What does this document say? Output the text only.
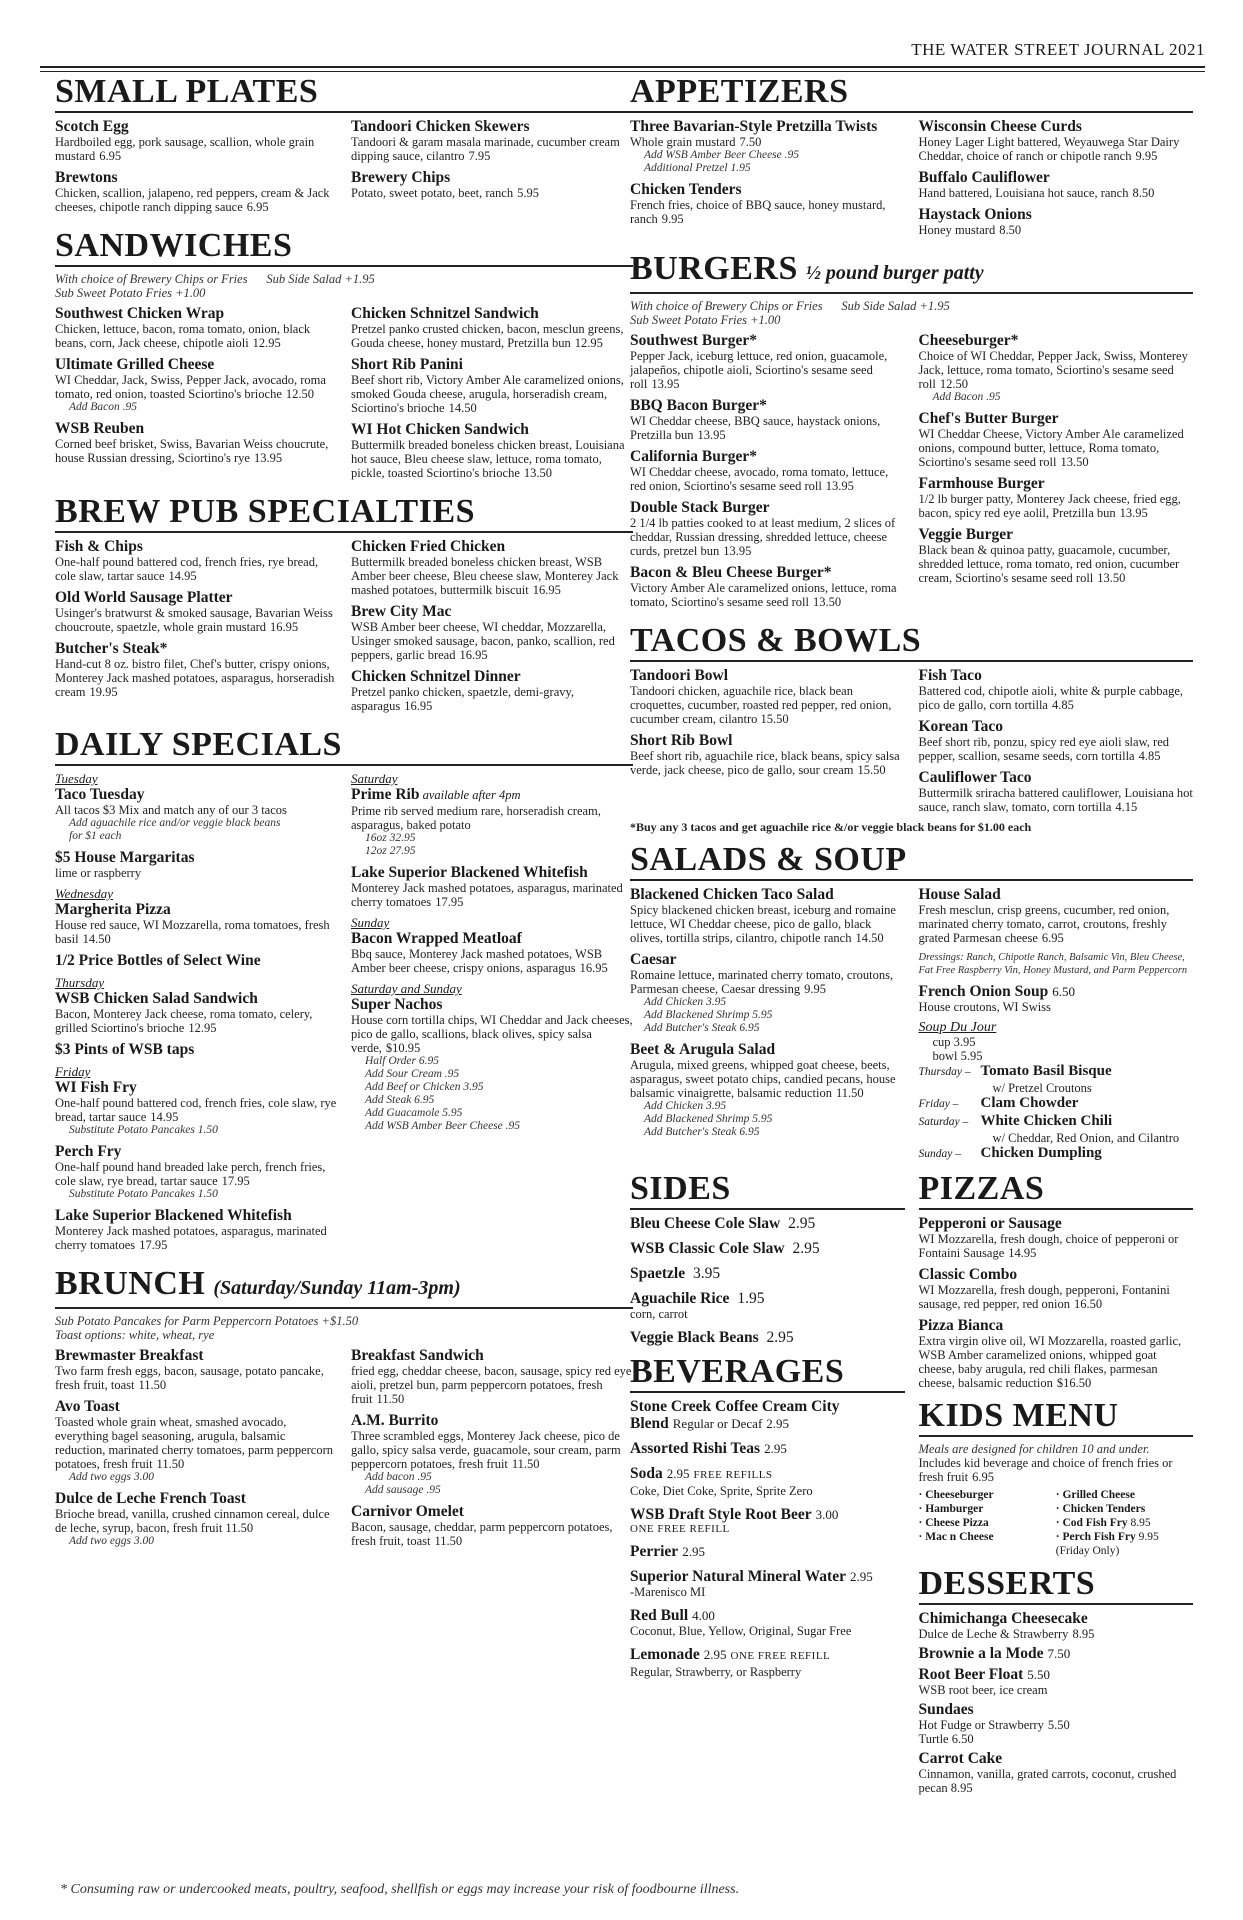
THE WATER STREET JOURNAL 2021
SMALL PLATES
Scotch Egg
Hardboiled egg, pork sausage, scallion, whole grain mustard 6.95
Brewtons
Chicken, scallion, jalapeno, red peppers, cream & Jack cheeses, chipotle ranch dipping sauce 6.95
Tandoori Chicken Skewers
Tandoori & garam masala marinade, cucumber cream dipping sauce, cilantro 7.95
Brewery Chips
Potato, sweet potato, beet, ranch 5.95
SANDWICHES
With choice of Brewery Chips or Fries Sub Side Salad +1.95
Sub Sweet Potato Fries +1.00
Southwest Chicken Wrap
Chicken, lettuce, bacon, roma tomato, onion, black beans, corn, Jack cheese, chipotle aioli 12.95
Ultimate Grilled Cheese
WI Cheddar, Jack, Swiss, Pepper Jack, avocado, roma tomato, red onion, toasted Sciortino's brioche 12.50
Add Bacon .95
WSB Reuben
Corned beef brisket, Swiss, Bavarian Weiss choucrute, house Russian dressing, Sciortino's rye 13.95
Chicken Schnitzel Sandwich
Pretzel panko crusted chicken, bacon, mesclun greens, Gouda cheese, honey mustard, Pretzilla bun 12.95
Short Rib Panini
Beef short rib, Victory Amber Ale caramelized onions, smoked Gouda cheese, arugula, horseradish cream, Sciortino's brioche 14.50
WI Hot Chicken Sandwich
Buttermilk breaded boneless chicken breast, Louisiana hot sauce, Bleu cheese slaw, lettuce, roma tomato, pickle, toasted Sciortino's brioche 13.50
BREW PUB SPECIALTIES
Fish & Chips
One-half pound battered cod, french fries, rye bread, cole slaw, tartar sauce 14.95
Old World Sausage Platter
Usinger's bratwurst & smoked sausage, Bavarian Weiss choucroute, spaetzle, whole grain mustard 16.95
Butcher's Steak*
Hand-cut 8 oz. bistro filet, Chef's butter, crispy onions, Monterey Jack mashed potatoes, asparagus, horseradish cream 19.95
Chicken Fried Chicken
Buttermilk breaded boneless chicken breast, WSB Amber beer cheese, Bleu cheese slaw, Monterey Jack mashed potatoes, buttermilk biscuit 16.95
Brew City Mac
WSB Amber beer cheese, WI cheddar, Mozzarella, Usinger smoked sausage, bacon, panko, scallion, red peppers, garlic bread 16.95
Chicken Schnitzel Dinner
Pretzel panko chicken, spaetzle, demi-gravy, asparagus 16.95
DAILY SPECIALS
Tuesday
Taco Tuesday
All tacos $3 Mix and match any of our 3 tacos
Add aguachile rice and/or veggie black beans
for $1 each
$5 House Margaritas
lime or raspberry
Wednesday
Margherita Pizza
House red sauce, WI Mozzarella, roma tomatoes, fresh basil 14.50
1/2 Price Bottles of Select Wine
Thursday
WSB Chicken Salad Sandwich
Bacon, Monterey Jack cheese, roma tomato, celery, grilled Sciortino's brioche 12.95
$3 Pints of WSB taps
Friday
WI Fish Fry
One-half pound battered cod, french fries, cole slaw, rye bread, tartar sauce 14.95
Substitute Potato Pancakes 1.50
Perch Fry
One-half pound hand breaded lake perch, french fries, cole slaw, rye bread, tartar sauce 17.95
Substitute Potato Pancakes 1.50
Lake Superior Blackened Whitefish
Monterey Jack mashed potatoes, asparagus, marinated cherry tomatoes 17.95
Saturday
Prime Rib available after 4pm
Prime rib served medium rare, horseradish cream, asparagus, baked potato
16oz 32.95
12oz 27.95
Lake Superior Blackened Whitefish
Monterey Jack mashed potatoes, asparagus, marinated cherry tomatoes 17.95
Sunday
Bacon Wrapped Meatloaf
Bbq sauce, Monterey Jack mashed potatoes, WSB Amber beer cheese, crispy onions, asparagus 16.95
Saturday and Sunday
Super Nachos
House corn tortilla chips, WI Cheddar and Jack cheeses, pico de gallo, scallions, black olives, spicy salsa verde, $10.95
Half Order 6.95
Add Sour Cream .95
Add Beef or Chicken 3.95
Add Steak 6.95
Add Guacamole 5.95
Add WSB Amber Beer Cheese .95
BRUNCH (Saturday/Sunday 11am-3pm)
Sub Potato Pancakes for Parm Peppercorn Potatoes +$1.50
Toast options: white, wheat, rye
Brewmaster Breakfast
Two farm fresh eggs, bacon, sausage, potato pancake, fresh fruit, toast 11.50
Avo Toast
Toasted whole grain wheat, smashed avocado, everything bagel seasoning, arugula, balsamic reduction, marinated cherry tomatoes, parm peppercorn potatoes, fresh fruit 11.50
Add two eggs 3.00
Dulce de Leche French Toast
Brioche bread, vanilla, crushed cinnamon cereal, dulce de leche, syrup, bacon, fresh fruit 11.50
Add two eggs 3.00
Breakfast Sandwich
fried egg, cheddar cheese, bacon, sausage, spicy red eye aioli, pretzel bun, parm peppercorn potatoes, fresh fruit 11.50
A.M. Burrito
Three scrambled eggs, Monterey Jack cheese, pico de gallo, spicy salsa verde, guacamole, sour cream, parm peppercorn potatoes, fresh fruit 11.50
Add bacon .95
Add sausage .95
Carnivor Omelet
Bacon, sausage, cheddar, parm peppercorn potatoes, fresh fruit, toast 11.50
APPETIZERS
Three Bavarian-Style Pretzilla Twists
Whole grain mustard 7.50
Add WSB Amber Beer Cheese .95
Additional Pretzel 1.95
Chicken Tenders
French fries, choice of BBQ sauce, honey mustard, ranch 9.95
Wisconsin Cheese Curds
Honey Lager Light battered, Weyauwega Star Dairy Cheddar, choice of ranch or chipotle ranch 9.95
Buffalo Cauliflower
Hand battered, Louisiana hot sauce, ranch 8.50
Haystack Onions
Honey mustard 8.50
BURGERS ½ pound burger patty
With choice of Brewery Chips or Fries Sub Side Salad +1.95
Sub Sweet Potato Fries +1.00
Southwest Burger*
Pepper Jack, iceburg lettuce, red onion, guacamole, jalapeños, chipotle aioli, Sciortino's sesame seed roll 13.95
BBQ Bacon Burger*
WI Cheddar cheese, BBQ sauce, haystack onions, Pretzilla bun 13.95
California Burger*
WI Cheddar cheese, avocado, roma tomato, lettuce, red onion, Sciortino's sesame seed roll 13.95
Double Stack Burger
2 1/4 lb patties cooked to at least medium, 2 slices of cheddar, Russian dressing, shredded lettuce, cheese curds, pretzel bun 13.95
Bacon & Bleu Cheese Burger*
Victory Amber Ale caramelized onions, lettuce, roma tomato, Sciortino's sesame seed roll 13.50
Cheeseburger*
Choice of WI Cheddar, Pepper Jack, Swiss, Monterey Jack, lettuce, roma tomato, Sciortino's sesame seed roll 12.50
Add Bacon .95
Chef's Butter Burger
WI Cheddar Cheese, Victory Amber Ale caramelized onions, compound butter, lettuce, Roma tomato, Sciortino's sesame seed roll 13.50
Farmhouse Burger
1/2 lb burger patty, Monterey Jack cheese, fried egg, bacon, spicy red eye aolil, Pretzilla bun 13.95
Veggie Burger
Black bean & quinoa patty, guacamole, cucumber, shredded lettuce, roma tomato, red onion, cucumber cream, Sciortino's sesame seed roll 13.50
TACOS & BOWLS
Tandoori Bowl
Tandoori chicken, aguachile rice, black bean croquettes, cucumber, roasted red pepper, red onion, cucumber cream, cilantro 15.50
Short Rib Bowl
Beef short rib, aguachile rice, black beans, spicy salsa verde, jack cheese, pico de gallo, sour cream 15.50
Fish Taco
Battered cod, chipotle aioli, white & purple cabbage, pico de gallo, corn tortilla 4.85
Korean Taco
Beef short rib, ponzu, spicy red eye aioli slaw, red pepper, scallion, sesame seeds, corn tortilla 4.85
Cauliflower Taco
Buttermilk sriracha battered cauliflower, Louisiana hot sauce, ranch slaw, tomato, corn tortilla 4.15
*Buy any 3 tacos and get aguachile rice &/or veggie black beans for $1.00 each
SALADS & SOUP
Blackened Chicken Taco Salad
Spicy blackened chicken breast, iceburg and romaine lettuce, WI Cheddar cheese, pico de gallo, black olives, tortilla strips, cilantro, chipotle ranch 14.50
Caesar
Romaine lettuce, marinated cherry tomato, croutons, Parmesan cheese, Caesar dressing 9.95
Add Chicken 3.95
Add Blackened Shrimp 5.95
Add Butcher's Steak 6.95
Beet & Arugula Salad
Arugula, mixed greens, whipped goat cheese, beets, asparagus, sweet potato chips, candied pecans, house balsamic vinaigrette, balsamic reduction 11.50
Add Chicken 3.95
Add Blackened Shrimp 5.95
Add Butcher's Steak 6.95
House Salad
Fresh mesclun, crisp greens, cucumber, red onion, marinated cherry tomato, carrot, croutons, freshly grated Parmesan cheese 6.95
Dressings: Ranch, Chipotle Ranch, Balsamic Vin, Bleu Cheese, Fat Free Raspberry Vin, Honey Mustard, and Parm Peppercorn
French Onion Soup 6.50
House croutons, WI Swiss
Soup Du Jour
cup 3.95
bowl 5.95
Thursday – Tomato Basil Bisque
w/ Pretzel Croutons
Friday – Clam Chowder
Saturday – White Chicken Chili
w/ Cheddar, Red Onion, and Cilantro
Sunday – Chicken Dumpling
SIDES
Bleu Cheese Cole Slaw 2.95
WSB Classic Cole Slaw 2.95
Spaetzle 3.95
Aguachile Rice 1.95
corn, carrot
Veggie Black Beans 2.95
BEVERAGES
Stone Creek Coffee Cream City Blend Regular or Decaf 2.95
Assorted Rishi Teas 2.95
Soda 2.95 FREE REFILLS
Coke, Diet Coke, Sprite, Sprite Zero
WSB Draft Style Root Beer 3.00
ONE FREE REFILL
Perrier 2.95
Superior Natural Mineral Water 2.95
-Marenisco MI
Red Bull 4.00
Coconut, Blue, Yellow, Original, Sugar Free
Lemonade 2.95 ONE FREE REFILL
Regular, Strawberry, or Raspberry
PIZZAS
Pepperoni or Sausage
WI Mozzarella, fresh dough, choice of pepperoni or Fontaini Sausage 14.95
Classic Combo
WI Mozzarella, fresh dough, pepperoni, Fontanini sausage, red pepper, red onion 16.50
Pizza Bianca
Extra virgin olive oil, WI Mozzarella, roasted garlic, WSB Amber caramelized onions, whipped goat cheese, baby arugula, red chili flakes, parmesan cheese, balsamic reduction $16.50
KIDS MENU
Meals are designed for children 10 and under.
Includes kid beverage and choice of french fries or fresh fruit 6.95
· Cheeseburger
· Hamburger
· Cheese Pizza
· Mac n Cheese
· Grilled Cheese
· Chicken Tenders
· Cod Fish Fry 8.95
· Perch Fish Fry 9.95 (Friday Only)
DESSERTS
Chimichanga Cheesecake
Dulce de Leche & Strawberry 8.95
Brownie a la Mode 7.50
Root Beer Float 5.50
WSB root beer, ice cream
Sundaes
Hot Fudge or Strawberry 5.50
Turtle 6.50
Carrot Cake
Cinnamon, vanilla, grated carrots, coconut, crushed pecan 8.95
* Consuming raw or undercooked meats, poultry, seafood, shellfish or eggs may increase your risk of foodbourne illness.
